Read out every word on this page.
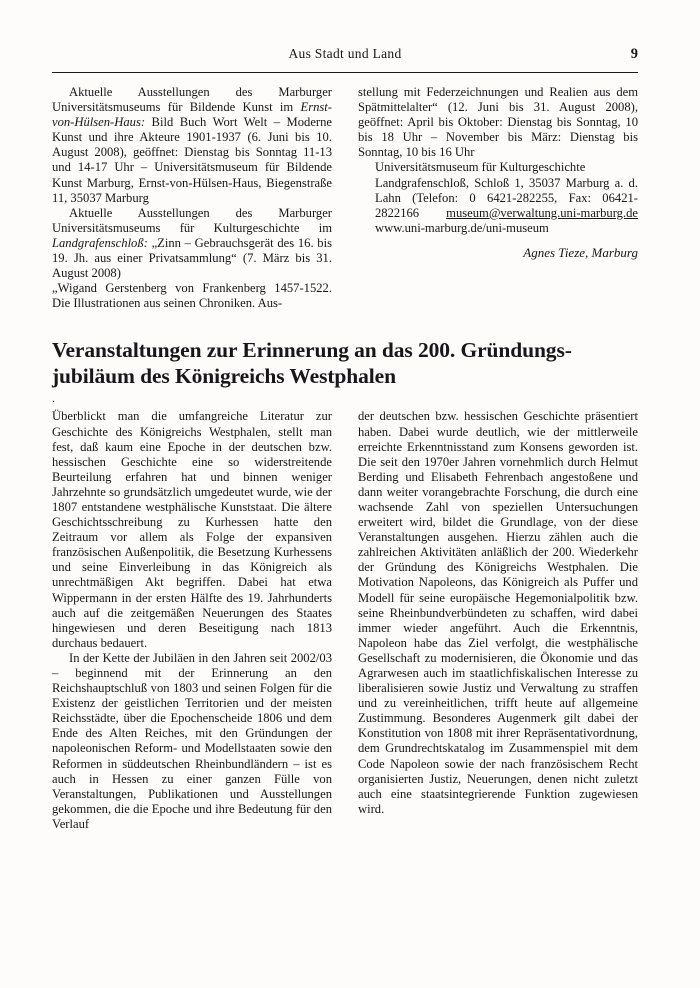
Aus Stadt und Land	9

Aktuelle Ausstellungen des Marburger Universitätsmuseums für Bildende Kunst im Ernst-von-Hülsen-Haus: Bild Buch Wort Welt – Moderne Kunst und ihre Akteure 1901-1937 (6. Juni bis 10. August 2008), geöffnet: Dienstag bis Sonntag 11-13 und 14-17 Uhr – Universitätsmuseum für Bildende Kunst Marburg, Ernst-von-Hülsen-Haus, Biegenstraße 11, 35037 Marburg

Aktuelle Ausstellungen des Marburger Universitätsmuseums für Kulturgeschichte im Landgrafenschloß: „Zinn – Gebrauchsgerät des 16. bis 19. Jh. aus einer Privatsammlung“ (7. März bis 31. August 2008)

„Wigand Gerstenberg von Frankenberg 1457-1522. Die Illustrationen aus seinen Chroniken. Aus-

stellung mit Federzeichnungen und Realien aus dem Spätmittelalter“ (12. Juni bis 31. August 2008), geöffnet: April bis Oktober: Dienstag bis Sonntag, 10 bis 18 Uhr – November bis März: Dienstag bis Sonntag, 10 bis 16 Uhr

Universitätsmuseum für Kulturgeschichte

Landgrafenschloß, Schloß 1, 35037 Marburg a. d. Lahn (Telefon: 0 6421-282255, Fax: 06421-2822166   museum@verwaltung.uni-marburg.de www.uni-marburg.de/uni-museum

Agnes Tieze, Marburg
Veranstaltungen zur Erinnerung an das 200. Gründungs-
jubiläum des Königreichs Westphalen
.

Überblickt man die umfangreiche Literatur zur Geschichte des Königreichs Westphalen, stellt man fest, daß kaum eine Epoche in der deutschen bzw. hessischen Geschichte eine so widerstreitende Beurteilung erfahren hat und binnen weniger Jahrzehnte so grundsätzlich umgedeutet wurde, wie der 1807 entstandene westphälische Kunststaat. Die ältere Geschichtsschreibung zu Kurhessen hatte den Zeitraum vor allem als Folge der expansiven französischen Außenpolitik, die Besetzung Kurhessens und seine Einverleibung in das Königreich als unrechtmäßigen Akt begriffen. Dabei hat etwa Wippermann in der ersten Hälfte des 19. Jahrhunderts auch auf die zeitgemäßen Neuerungen des Staates hingewiesen und deren Beseitigung nach 1813 durchaus bedauert.

In der Kette der Jubiläen in den Jahren seit 2002/03 – beginnend mit der Erinnerung an den Reichshauptschluß von 1803 und seinen Folgen für die Existenz der geistlichen Territorien und der meisten Reichsstädte, über die Epochenscheide 1806 und dem Ende des Alten Reiches, mit den Gründungen der napoleonischen Reform- und Modellstaaten sowie den Reformen in süddeutschen Rheinbundländern – ist es auch in Hessen zu einer ganzen Fülle von Veranstaltungen, Publikationen und Ausstellungen gekommen, die die Epoche und ihre Bedeutung für den Verlauf

der deutschen bzw. hessischen Geschichte präsentiert haben. Dabei wurde deutlich, wie der mittlerweile erreichte Erkenntnisstand zum Konsens geworden ist. Die seit den 1970er Jahren vornehmlich durch Helmut Berding und Elisabeth Fehrenbach angestoßene und dann weiter vorangebrachte Forschung, die durch eine wachsende Zahl von speziellen Untersuchungen erweitert wird, bildet die Grundlage, von der diese Veranstaltungen ausgehen. Hierzu zählen auch die zahlreichen Aktivitäten anläßlich der 200. Wiederkehr der Gründung des Königreichs Westphalen. Die Motivation Napoleons, das Königreich als Puffer und Modell für seine europäische Hegemonialpolitik bzw. seine Rheinbundverbündeten zu schaffen, wird dabei immer wieder angeführt. Auch die Erkenntnis, Napoleon habe das Ziel verfolgt, die westphälische Gesellschaft zu modernisieren, die Ökonomie und das Agrarwesen auch im staatlichfiskalischen Interesse zu liberalisieren sowie Justiz und Verwaltung zu straffen und zu vereinheitlichen, trifft heute auf allgemeine Zustimmung. Besonderes Augenmerk gilt dabei der Konstitution von 1808 mit ihrer Repräsentativordnung, dem Grundrechtskatalog im Zusammenspiel mit dem Code Napoleon sowie der nach französischem Recht organisierten Justiz, Neuerungen, denen nicht zuletzt auch eine staatsintegrierende Funktion zugewiesen wird.
